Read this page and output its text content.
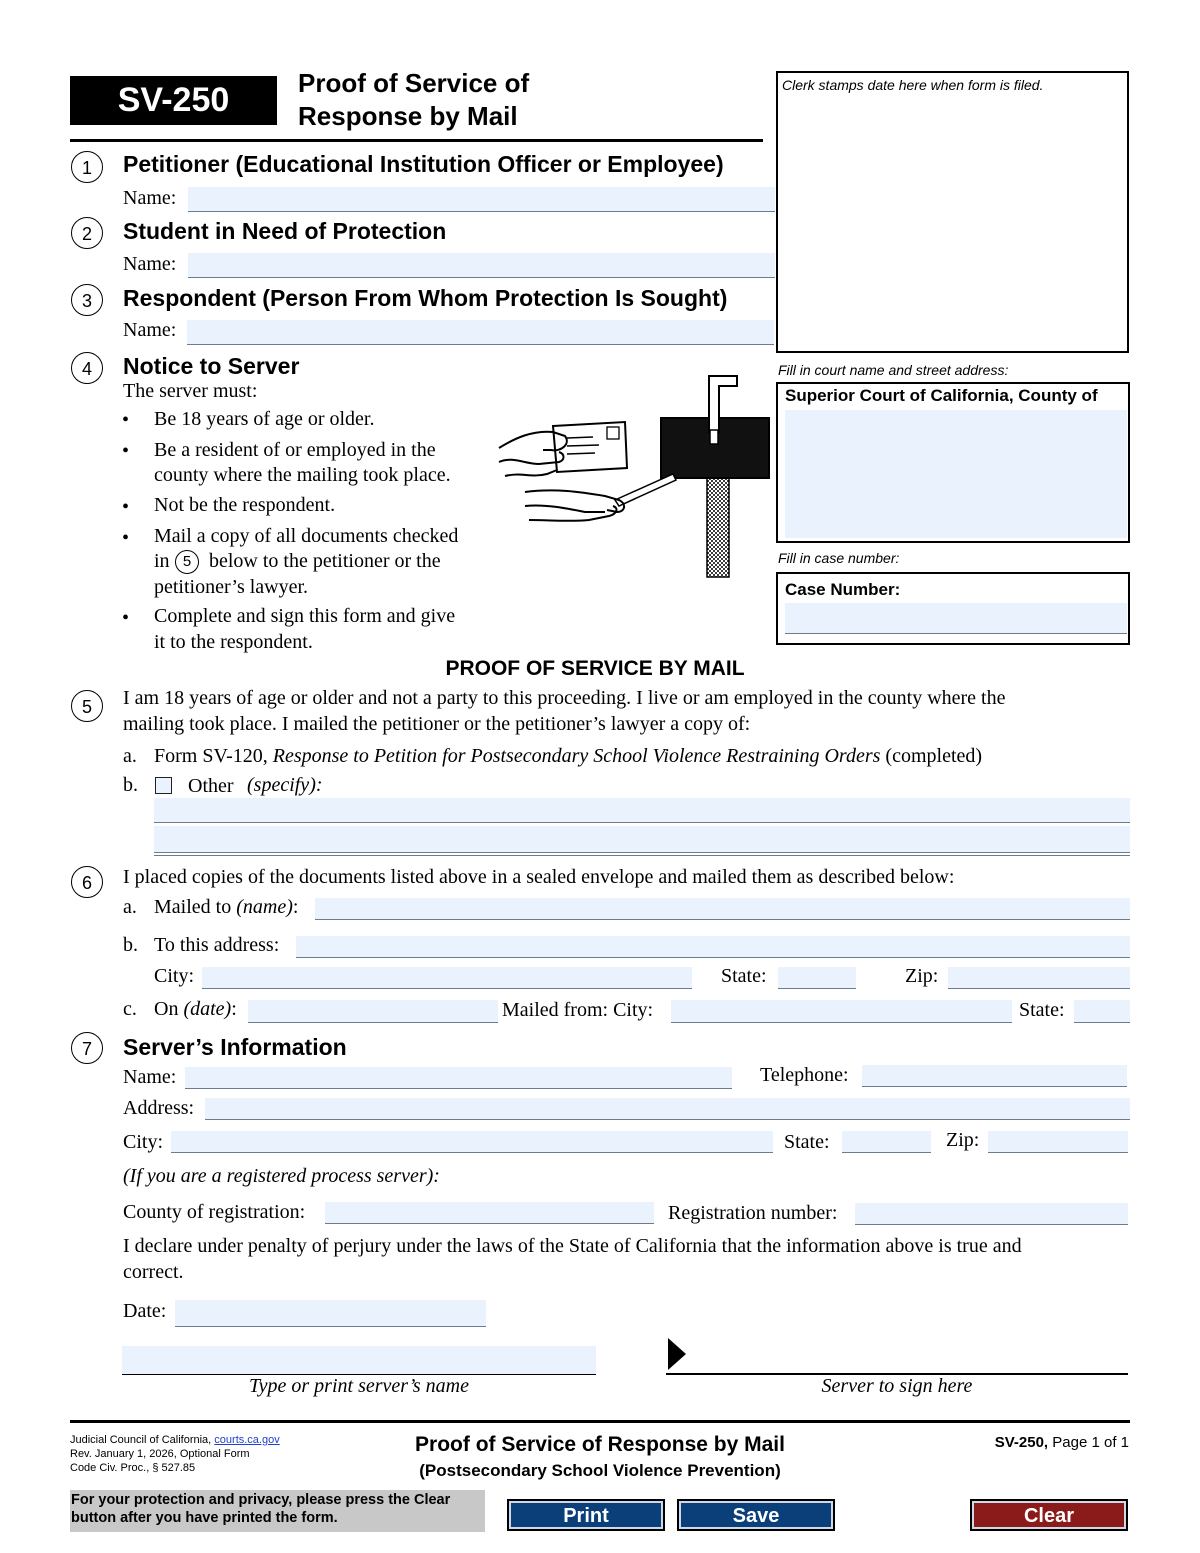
SV-250	Proof of Service of
Response by Mail
Clerk stamps date here when form is filed.
Fill in court name and street address:
Superior Court of California, County of
Fill in case number:
Case Number:
1	Petitioner (Educational Institution Officer or Employee)
Name:
2	Student in Need of Protection
Name:
3	Respondent (Person From Whom Protection Is Sought)
Name:
4	Notice to Server
The server must:
• Be 18 years of age or older.
• Be a resident of or employed in the
county where the mailing took place.
• Not be the respondent.
• Mail a copy of all documents checked
in 5 below to the petitioner or the
petitioner’s lawyer.
• Complete and sign this form and give
it to the respondent.
PROOF OF SERVICE BY MAIL
5	I am 18 years of age or older and not a party to this proceeding. I live or am employed in the county where the
mailing took place. I mailed the petitioner or the petitioner’s lawyer a copy of:
a. Form SV-120, Response to Petition for Postsecondary School Violence Restraining Orders (completed)
b.	Other (specify):
6	I placed copies of the documents listed above in a sealed envelope and mailed them as described below:
a. Mailed to (name):
b. To this address:
City:	State:	Zip:
c. On (date):	Mailed from: City:	State:
7	Server’s Information
Name:	Telephone:
Address:
City:	State:	Zip:
(If you are a registered process server):
County of registration:	Registration number:
I declare under penalty of perjury under the laws of the State of California that the information above is true and
correct.
Date:
Type or print server’s name	Server to sign here
Judicial Council of California, courts.ca.gov
Rev. January 1, 2026, Optional Form
Code Civ. Proc., § 527.85
Proof of Service of Response by Mail
(Postsecondary School Violence Prevention)
SV-250, Page 1 of 1
For your protection and privacy, please press the Clear
button after you have printed the form.	Print	Save	Clear
